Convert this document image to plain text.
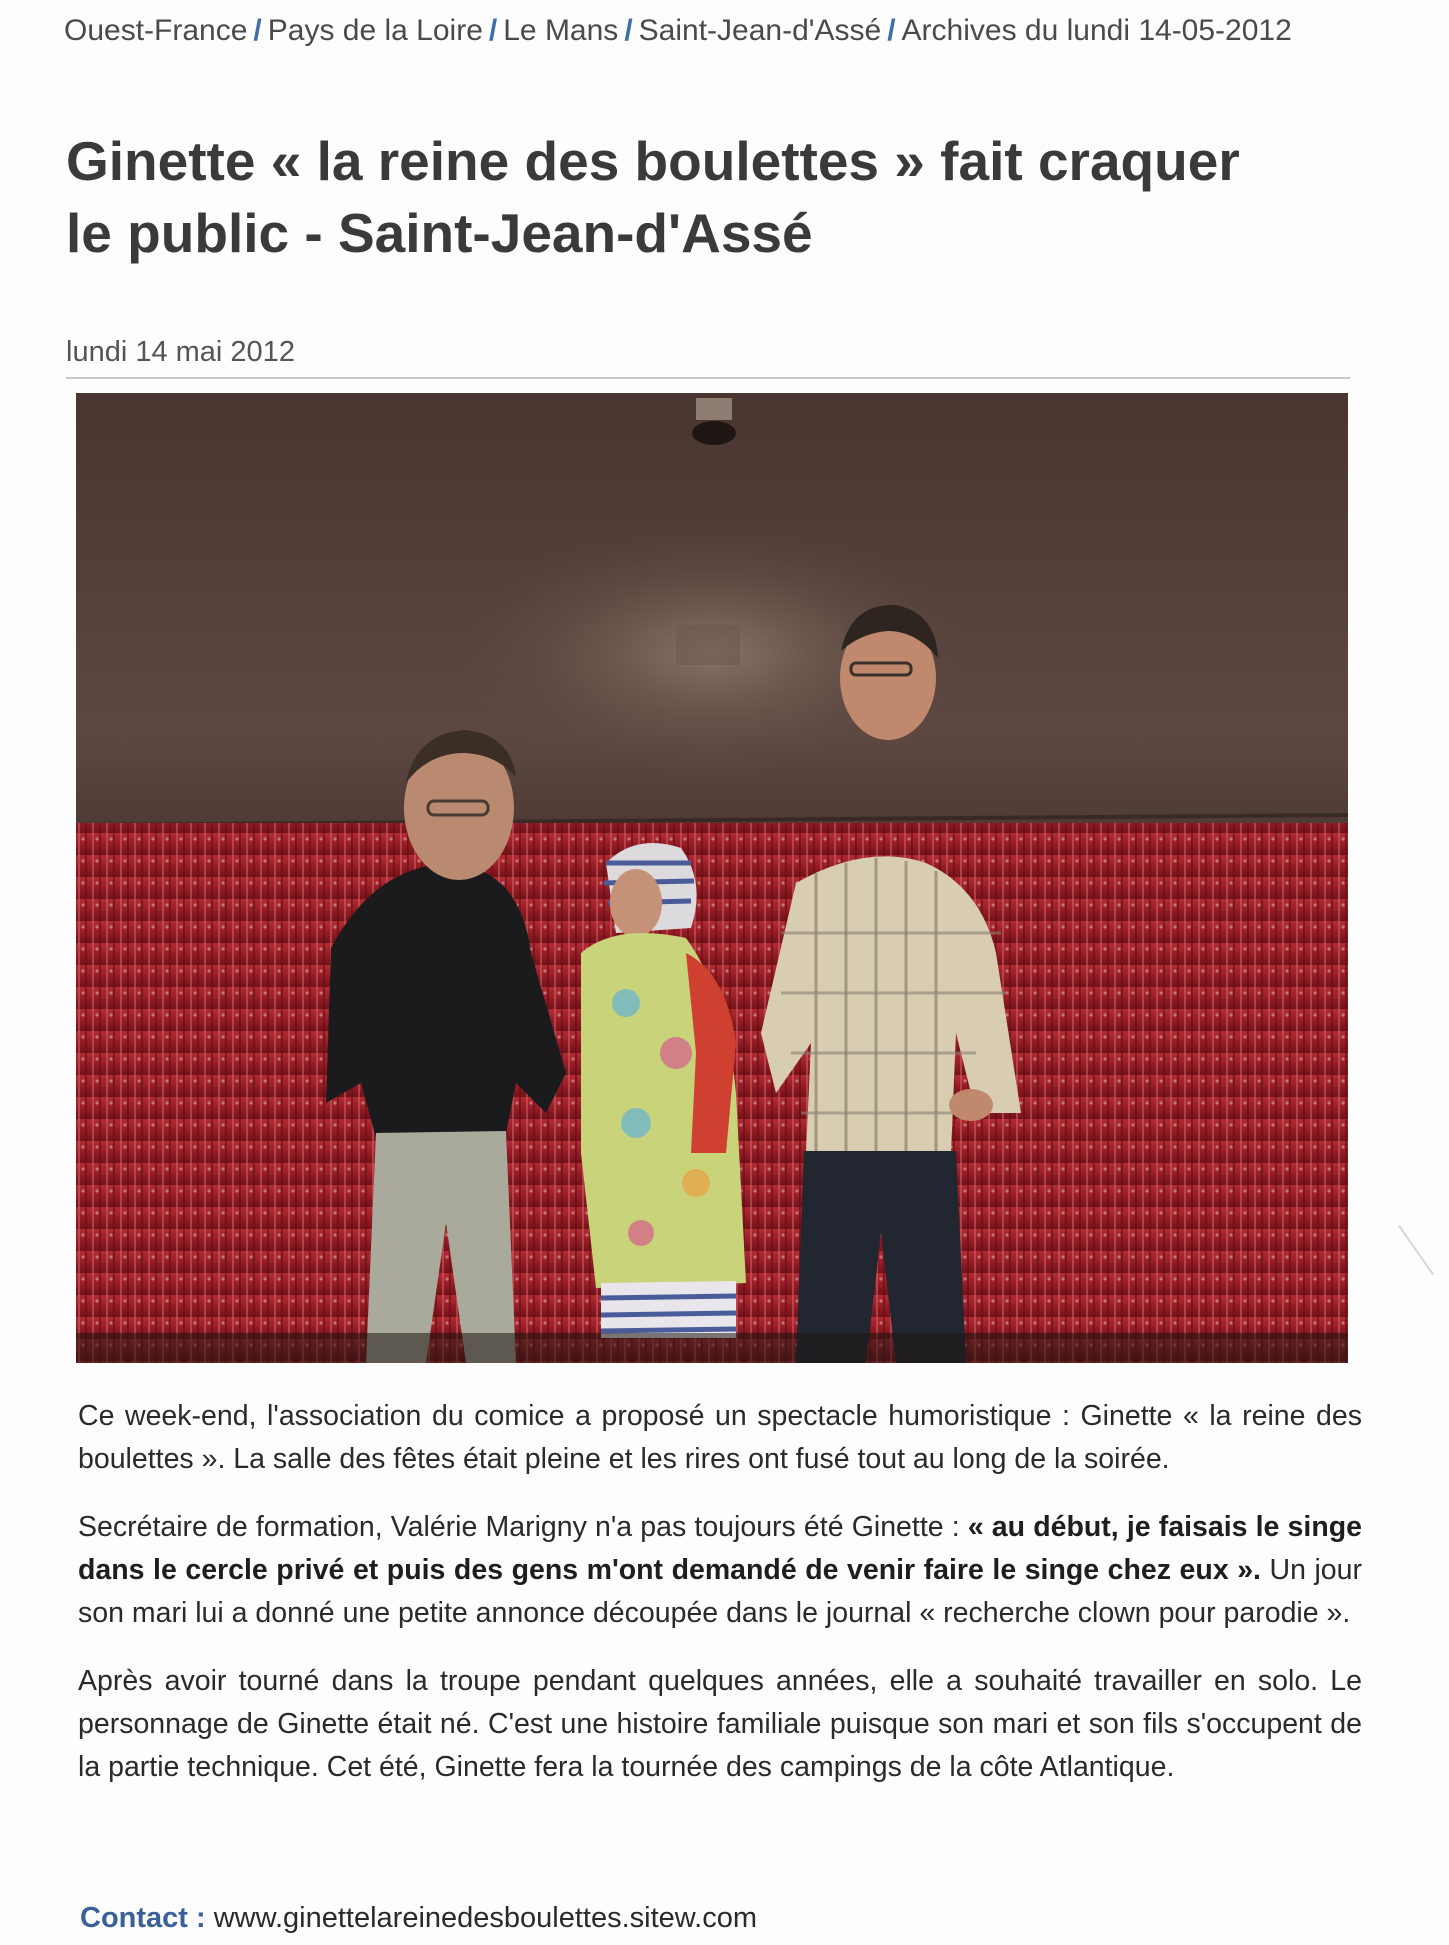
Ouest-France / Pays de la Loire / Le Mans / Saint-Jean-d'Assé / Archives du lundi 14-05-2012
Ginette « la reine des boulettes » fait craquer le public - Saint-Jean-d'Assé
lundi 14 mai 2012

Ce week-end, l'association du comice a proposé un spectacle humoristique : Ginette « la reine des boulettes ». La salle des fêtes était pleine et les rires ont fusé tout au long de la soirée.

Secrétaire de formation, Valérie Marigny n'a pas toujours été Ginette : « au début, je faisais le singe dans le cercle privé et puis des gens m'ont demandé de venir faire le singe chez eux ». Un jour son mari lui a donné une petite annonce découpée dans le journal « recherche clown pour parodie ».

Après avoir tourné dans la troupe pendant quelques années, elle a souhaité travailler en solo. Le personnage de Ginette était né. C'est une histoire familiale puisque son mari et son fils s'occupent de la partie technique. Cet été, Ginette fera la tournée des campings de la côte Atlantique.

Contact : www.ginettelareinedesboulettes.sitew.com
